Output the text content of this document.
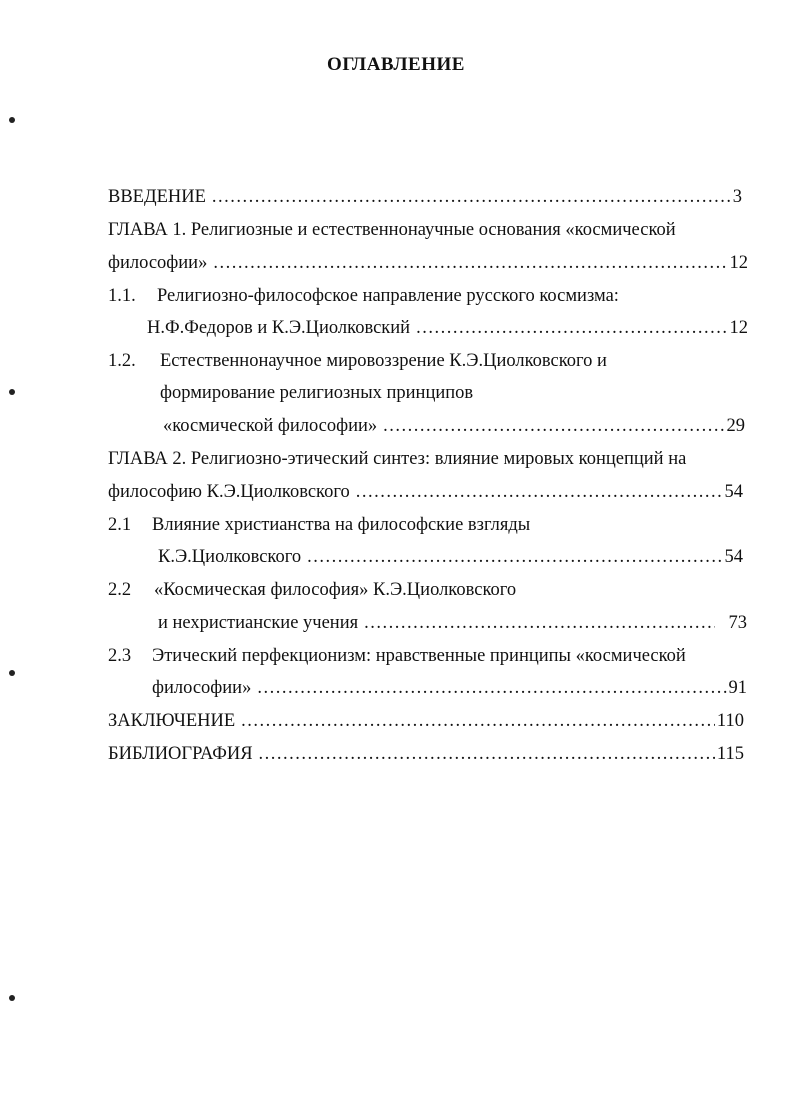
ОГЛАВЛЕНИЕ
ВВЕДЕНИЕ .....	3
ГЛАВА 1. Религиозные и естественнонаучные основания «космической
философии» .....	12
1.1.	Религиозно-философское направление русского космизма:
Н.Ф.Федоров и К.Э.Циолковский .....	12
1.2.	Естественнонаучное мировоззрение К.Э.Циолковского и
формирование религиозных принципов
«космической философии» .....	29
ГЛАВА 2. Религиозно-этический синтез: влияние мировых концепций на
философию К.Э.Циолковского .....	54
2.1	Влияние христианства на философские взгляды
К.Э.Циолковского .....	54
2.2	«Космическая философия» К.Э.Циолковского
и нехристианские учения .....	73
2.3	Этический перфекционизм: нравственные принципы «космической
философии» .....	91
ЗАКЛЮЧЕНИЕ .....	110
БИБЛИОГРАФИЯ .....	115
